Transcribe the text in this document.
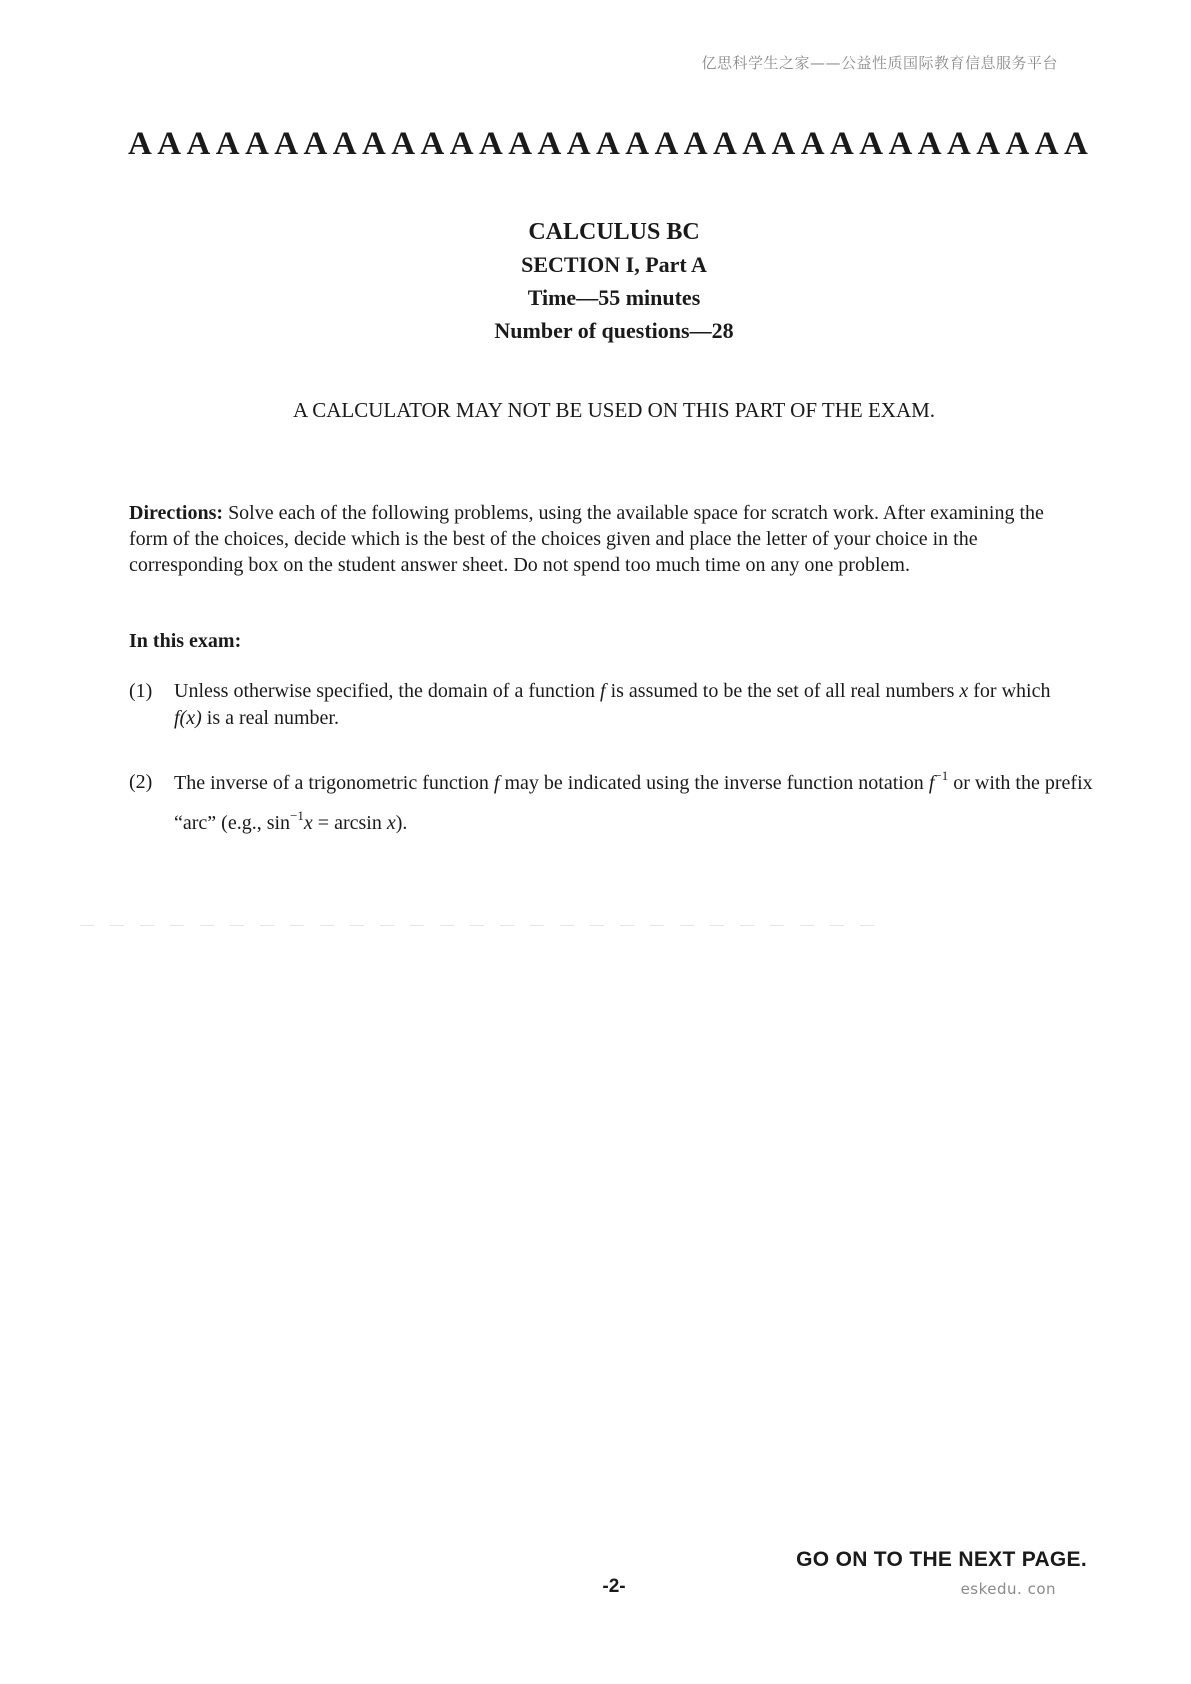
亿思科学生之家——公益性质国际教育信息服务平台
A A A A A A A A A A A A A A A A A A A A A A A A A A A A A A A A A
CALCULUS BC
SECTION I, Part A
Time—55 minutes
Number of questions—28
A CALCULATOR MAY NOT BE USED ON THIS PART OF THE EXAM.
Directions: Solve each of the following problems, using the available space for scratch work. After examining the form of the choices, decide which is the best of the choices given and place the letter of your choice in the corresponding box on the student answer sheet. Do not spend too much time on any one problem.
In this exam:
(1) Unless otherwise specified, the domain of a function f is assumed to be the set of all real numbers x for which
f(x) is a real number.
(2) The inverse of a trigonometric function f may be indicated using the inverse function notation $f^{-1}$ or with the prefix “arc” (e.g., $\sin^{-1}x = \arcsin x$).
GO ON TO THE NEXT PAGE.
-2-	eskedu. con
